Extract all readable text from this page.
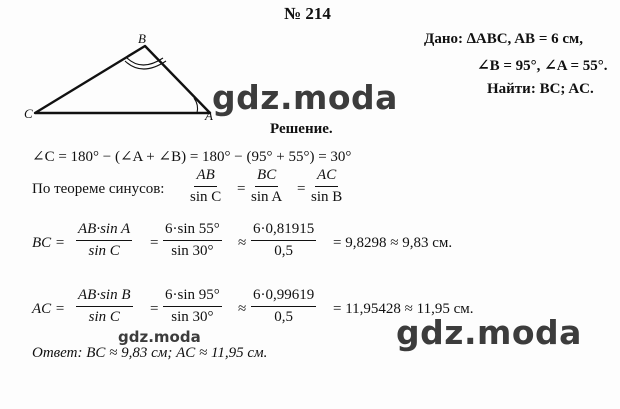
№ 214
B
C	A gdz.moda
Дано: ∆ABC, AB = 6 см,
∠B = 95°, ∠A = 55°.
Найти: BC; AC.
Решение.
∠C = 180° − (∠A + ∠B) = 180° − (95° + 55°) = 30°
По теореме синусов: $\frac{AB}{\text{sin C}} = \frac{BC}{\text{sin A}} = \frac{AC}{\text{sin B}}$
BC = $\frac{\text{AB·sin A}}{\text{sin C}} = \frac{6\cdot\sin 55^\circ}{\sin 30^\circ} \approx \frac{6\cdot 0,81915}{0,5} = 9,8298 \approx 9,83$ см.
AC = $\frac{\text{AB·sin B}}{\text{sin C}} = \frac{6\cdot\sin 95^\circ}{\sin 30^\circ} \approx \frac{6\cdot 0,99619}{0,5} = 11,95428 \approx 11,95$ см.
gdz.moda	gdz.moda
Ответ: BC ≈ 9,83 см; AC ≈ 11,95 см.
